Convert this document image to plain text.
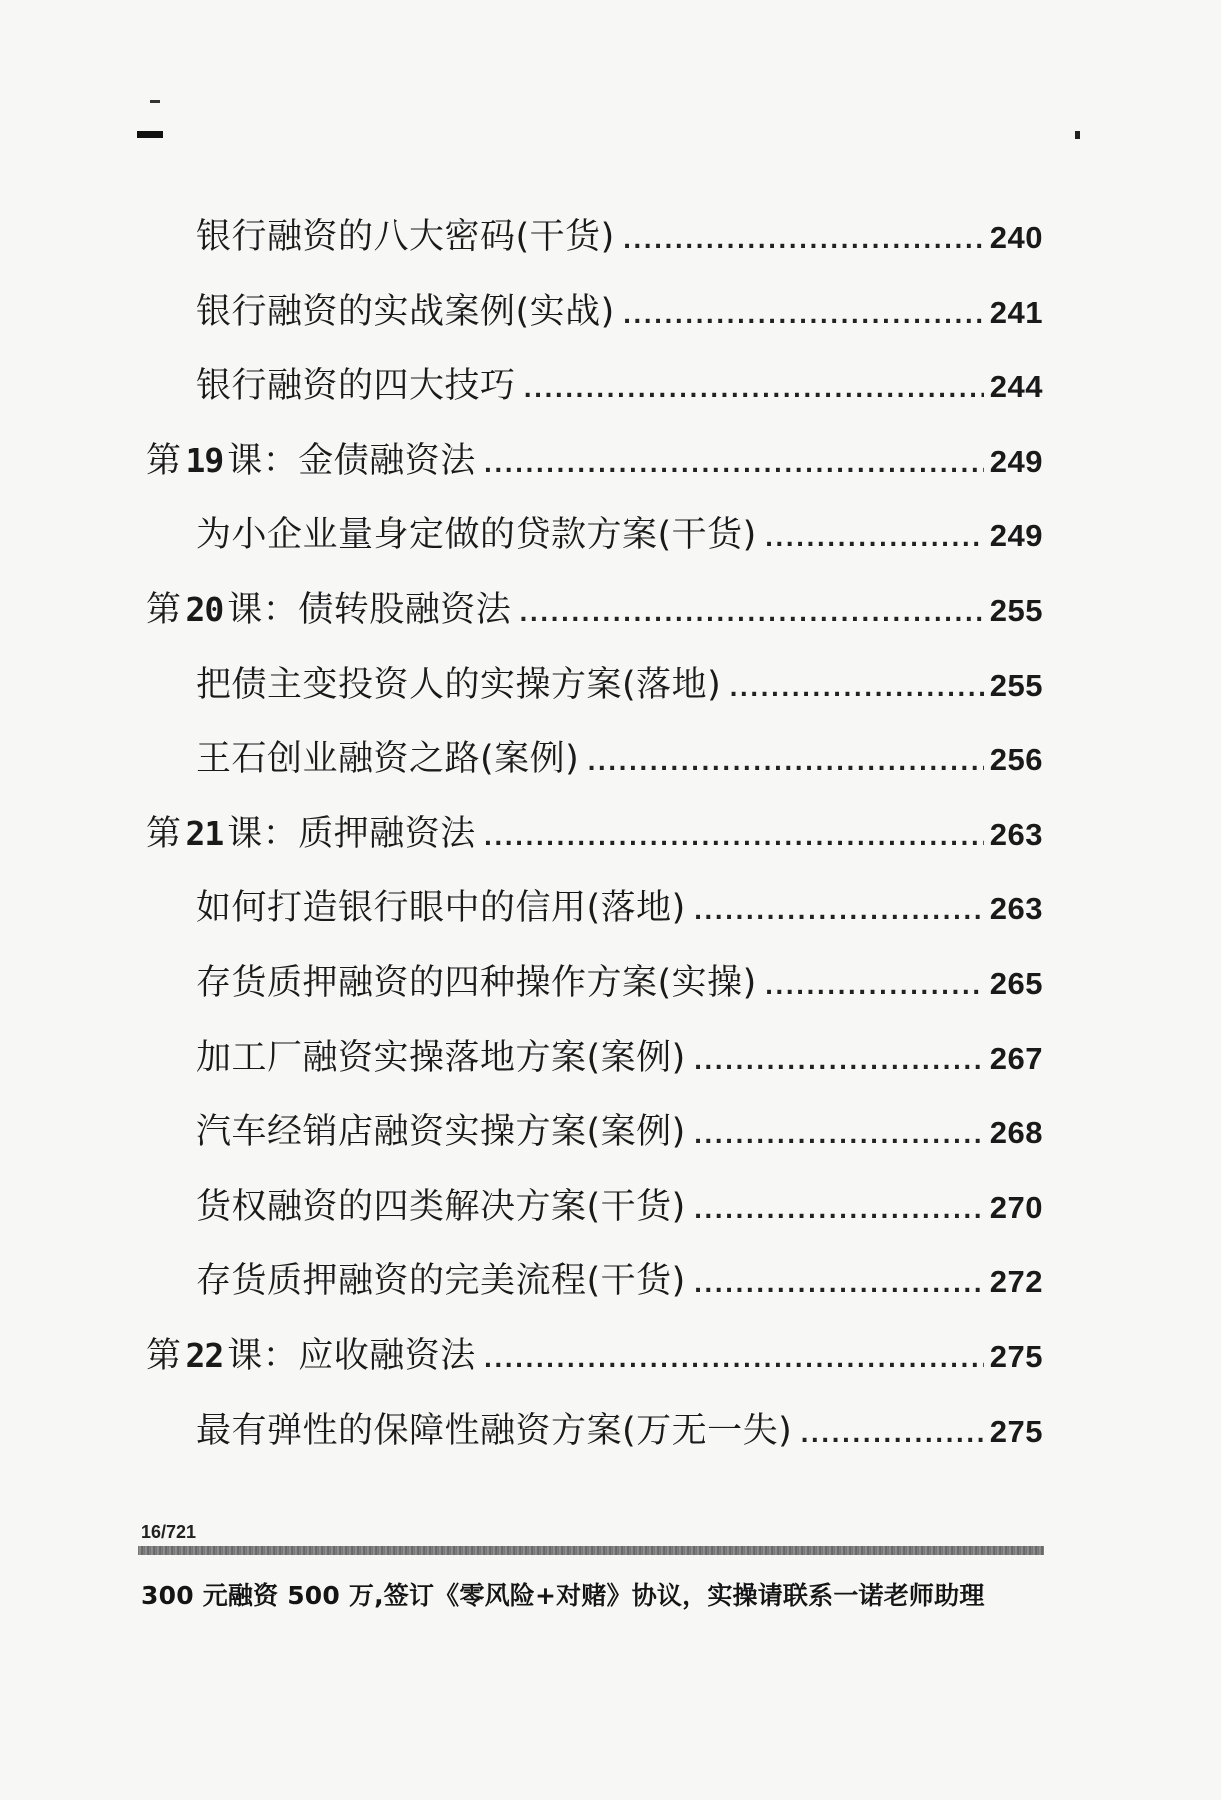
银行融资的八大密码(干货) .....	240
银行融资的实战案例(实战) .....	241
银行融资的四大技巧 .....	244
第 19 课：金债融资法 .....	249
为小企业量身定做的贷款方案(干货) .....	249
第 20 课：债转股融资法 .....	255
把债主变投资人的实操方案(落地) .....	255
王石创业融资之路(案例) .....	256
第 21 课：质押融资法 .....	263
如何打造银行眼中的信用(落地) .....	263
存货质押融资的四种操作方案(实操) .....	265
加工厂融资实操落地方案(案例) .....	267
汽车经销店融资实操方案(案例) .....	268
货权融资的四类解决方案(干货) .....	270
存货质押融资的完美流程(干货) .....	272
第 22 课：应收融资法 .....	275
最有弹性的保障性融资方案(万无一失) .....	275
16/721
300 元融资 500 万,签订《零风险+对赌》协议，实操请联系一诺老师助理
